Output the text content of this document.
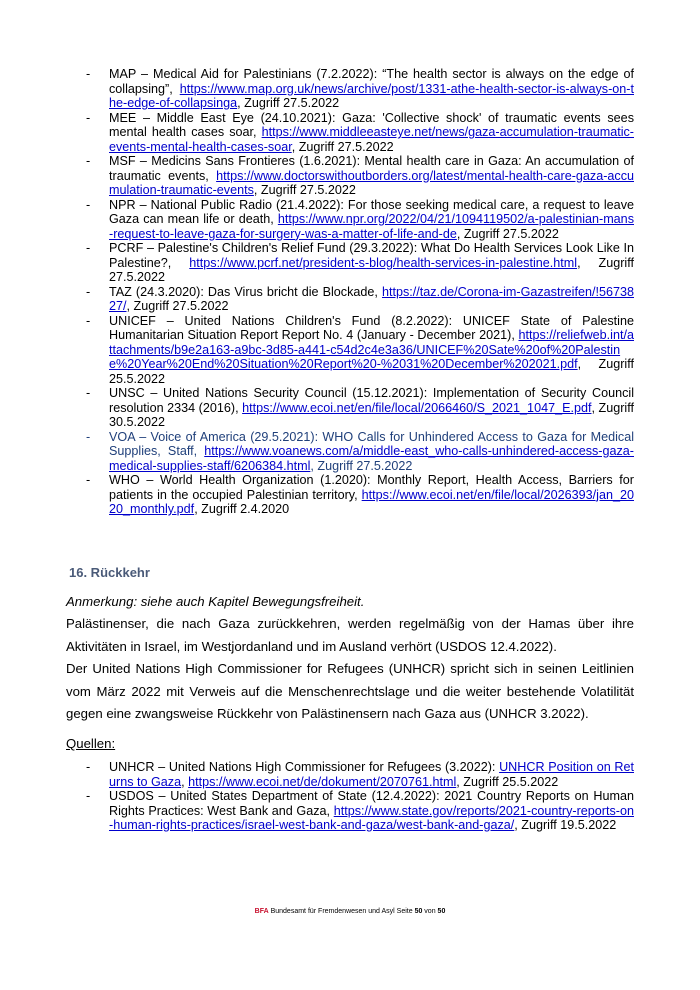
- MAP – Medical Aid for Palestinians (7.2.2022): “The health sector is always on the edge of collapsing”, https://www.map.org.uk/news/archive/post/1331-athe-health-sector-is-always-on-the-edge-of-collapsinga, Zugriff 27.5.2022
- MEE – Middle East Eye (24.10.2021): Gaza: 'Collective shock' of traumatic events sees mental health cases soar, https://www.middleeasteye.net/news/gaza-accumulation-traumatic-events-mental-health-cases-soar, Zugriff 27.5.2022
- MSF – Medicins Sans Frontieres (1.6.2021): Mental health care in Gaza: An accumulation of traumatic events, https://www.doctorswithoutborders.org/latest/mental-health-care-gaza-accumulation-traumatic-events, Zugriff 27.5.2022
- NPR – National Public Radio (21.4.2022): For those seeking medical care, a request to leave Gaza can mean life or death, https://www.npr.org/2022/04/21/1094119502/a-palestinian-mans-request-to-leave-gaza-for-surgery-was-a-matter-of-life-and-de, Zugriff 27.5.2022
- PCRF – Palestine's Children's Relief Fund (29.3.2022): What Do Health Services Look Like In Palestine?, https://www.pcrf.net/president-s-blog/health-services-in-palestine.html, Zugriff 27.5.2022
- TAZ (24.3.2020): Das Virus bricht die Blockade, https://taz.de/Corona-im-Gazastreifen/!5673827/, Zugriff 27.5.2022
- UNICEF – United Nations Children's Fund (8.2.2022): UNICEF State of Palestine Humanitarian Situation Report Report No. 4 (January - December 2021), https://reliefweb.int/attachments/b9e2a163-a9bc-3d85-a441-c54d2c4e3a36/UNICEF%20Sate%20of%20Palestine%20Year%20End%20Situation%20Report%20-%2031%20December%202021.pdf, Zugriff 25.5.2022
- UNSC – United Nations Security Council (15.12.2021): Implementation of Security Council resolution 2334 (2016), https://www.ecoi.net/en/file/local/2066460/S_2021_1047_E.pdf, Zugriff 30.5.2022
- VOA – Voice of America (29.5.2021): WHO Calls for Unhindered Access to Gaza for Medical Supplies, Staff, https://www.voanews.com/a/middle-east_who-calls-unhindered-access-gaza-medical-supplies-staff/6206384.html, Zugriff 27.5.2022
- WHO – World Health Organization (1.2020): Monthly Report, Health Access, Barriers for patients in the occupied Palestinian territory, https://www.ecoi.net/en/file/local/2026393/jan_2020_monthly.pdf, Zugriff 2.4.2020
16. Rückkehr
Anmerkung: siehe auch Kapitel Bewegungsfreiheit.
Palästinenser, die nach Gaza zurückkehren, werden regelmäßig von der Hamas über ihre Aktivitäten in Israel, im Westjordanland und im Ausland verhört (USDOS 12.4.2022).
Der United Nations High Commissioner for Refugees (UNHCR) spricht sich in seinen Leitlinien vom März 2022 mit Verweis auf die Menschenrechtslage und die weiter bestehende Volatilität gegen eine zwangsweise Rückkehr von Palästinensern nach Gaza aus (UNHCR 3.2022).
Quellen:
- UNHCR – United Nations High Commissioner for Refugees (3.2022): UNHCR Position on Returns to Gaza, https://www.ecoi.net/de/dokument/2070761.html, Zugriff 25.5.2022
- USDOS – United States Department of State (12.4.2022): 2021 Country Reports on Human Rights Practices: West Bank and Gaza, https://www.state.gov/reports/2021-country-reports-on-human-rights-practices/israel-west-bank-and-gaza/west-bank-and-gaza/, Zugriff 19.5.2022
BFA Bundesamt für Fremdenwesen und Asyl Seite 50 von 50
